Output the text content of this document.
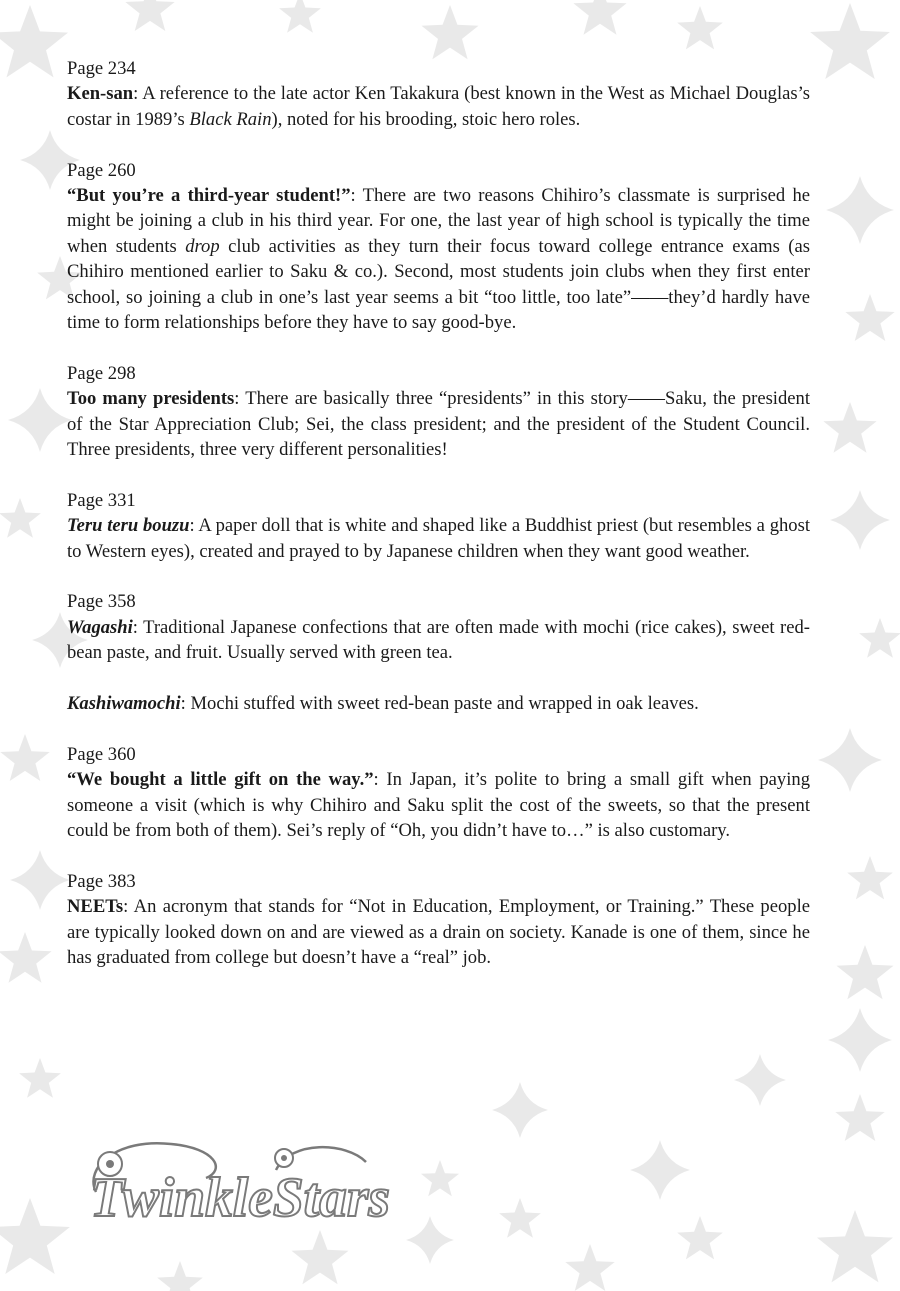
Page 234
Ken-san: A reference to the late actor Ken Takakura (best known in the West as Michael Douglas’s costar in 1989’s Black Rain), noted for his brooding, stoic hero roles.
Page 260
“But you’re a third-year student!”: There are two reasons Chihiro’s classmate is surprised he might be joining a club in his third year. For one, the last year of high school is typically the time when students drop club activities as they turn their focus toward college entrance exams (as Chihiro mentioned earlier to Saku & co.). Second, most students join clubs when they first enter school, so joining a club in one’s last year seems a bit “too little, too late”——they’d hardly have time to form relationships before they have to say good-bye.
Page 298
Too many presidents: There are basically three “presidents” in this story——Saku, the president of the Star Appreciation Club; Sei, the class president; and the president of the Student Council. Three presidents, three very different personalities!
Page 331
Teru teru bouzu: A paper doll that is white and shaped like a Buddhist priest (but resembles a ghost to Western eyes), created and prayed to by Japanese children when they want good weather.
Page 358
Wagashi: Traditional Japanese confections that are often made with mochi (rice cakes), sweet red-bean paste, and fruit. Usually served with green tea.
Kashiwamochi: Mochi stuffed with sweet red-bean paste and wrapped in oak leaves.
Page 360
“We bought a little gift on the way.”: In Japan, it’s polite to bring a small gift when paying someone a visit (which is why Chihiro and Saku split the cost of the sweets, so that the present could be from both of them). Sei’s reply of “Oh, you didn’t have to…” is also customary.
Page 383
NEETs: An acronym that stands for “Not in Education, Employment, or Training.” These people are typically looked down on and are viewed as a drain on society. Kanade is one of them, since he has graduated from college but doesn’t have a “real” job.
TwinkleStars
